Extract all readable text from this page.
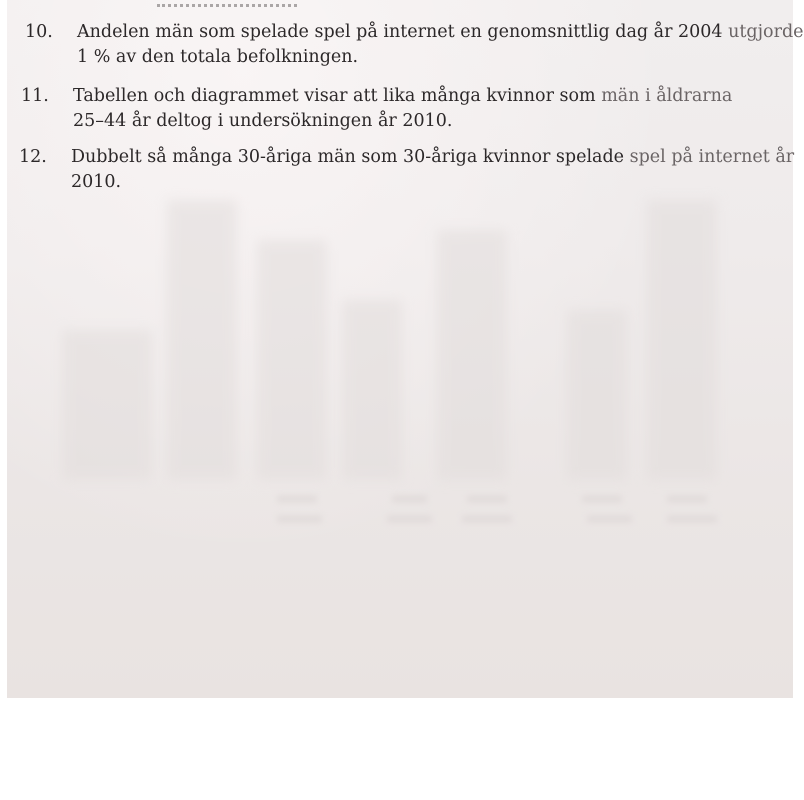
10. Andelen män som spelade spel på internet en genomsnittlig dag år 2004 utgjorde
1 % av den totala befolkningen.
11. Tabellen och diagrammet visar att lika många kvinnor som män i åldrarna
25–44 år deltog i undersökningen år 2010.
12. Dubbelt så många 30-åriga män som 30-åriga kvinnor spelade spel på internet år
2010.
